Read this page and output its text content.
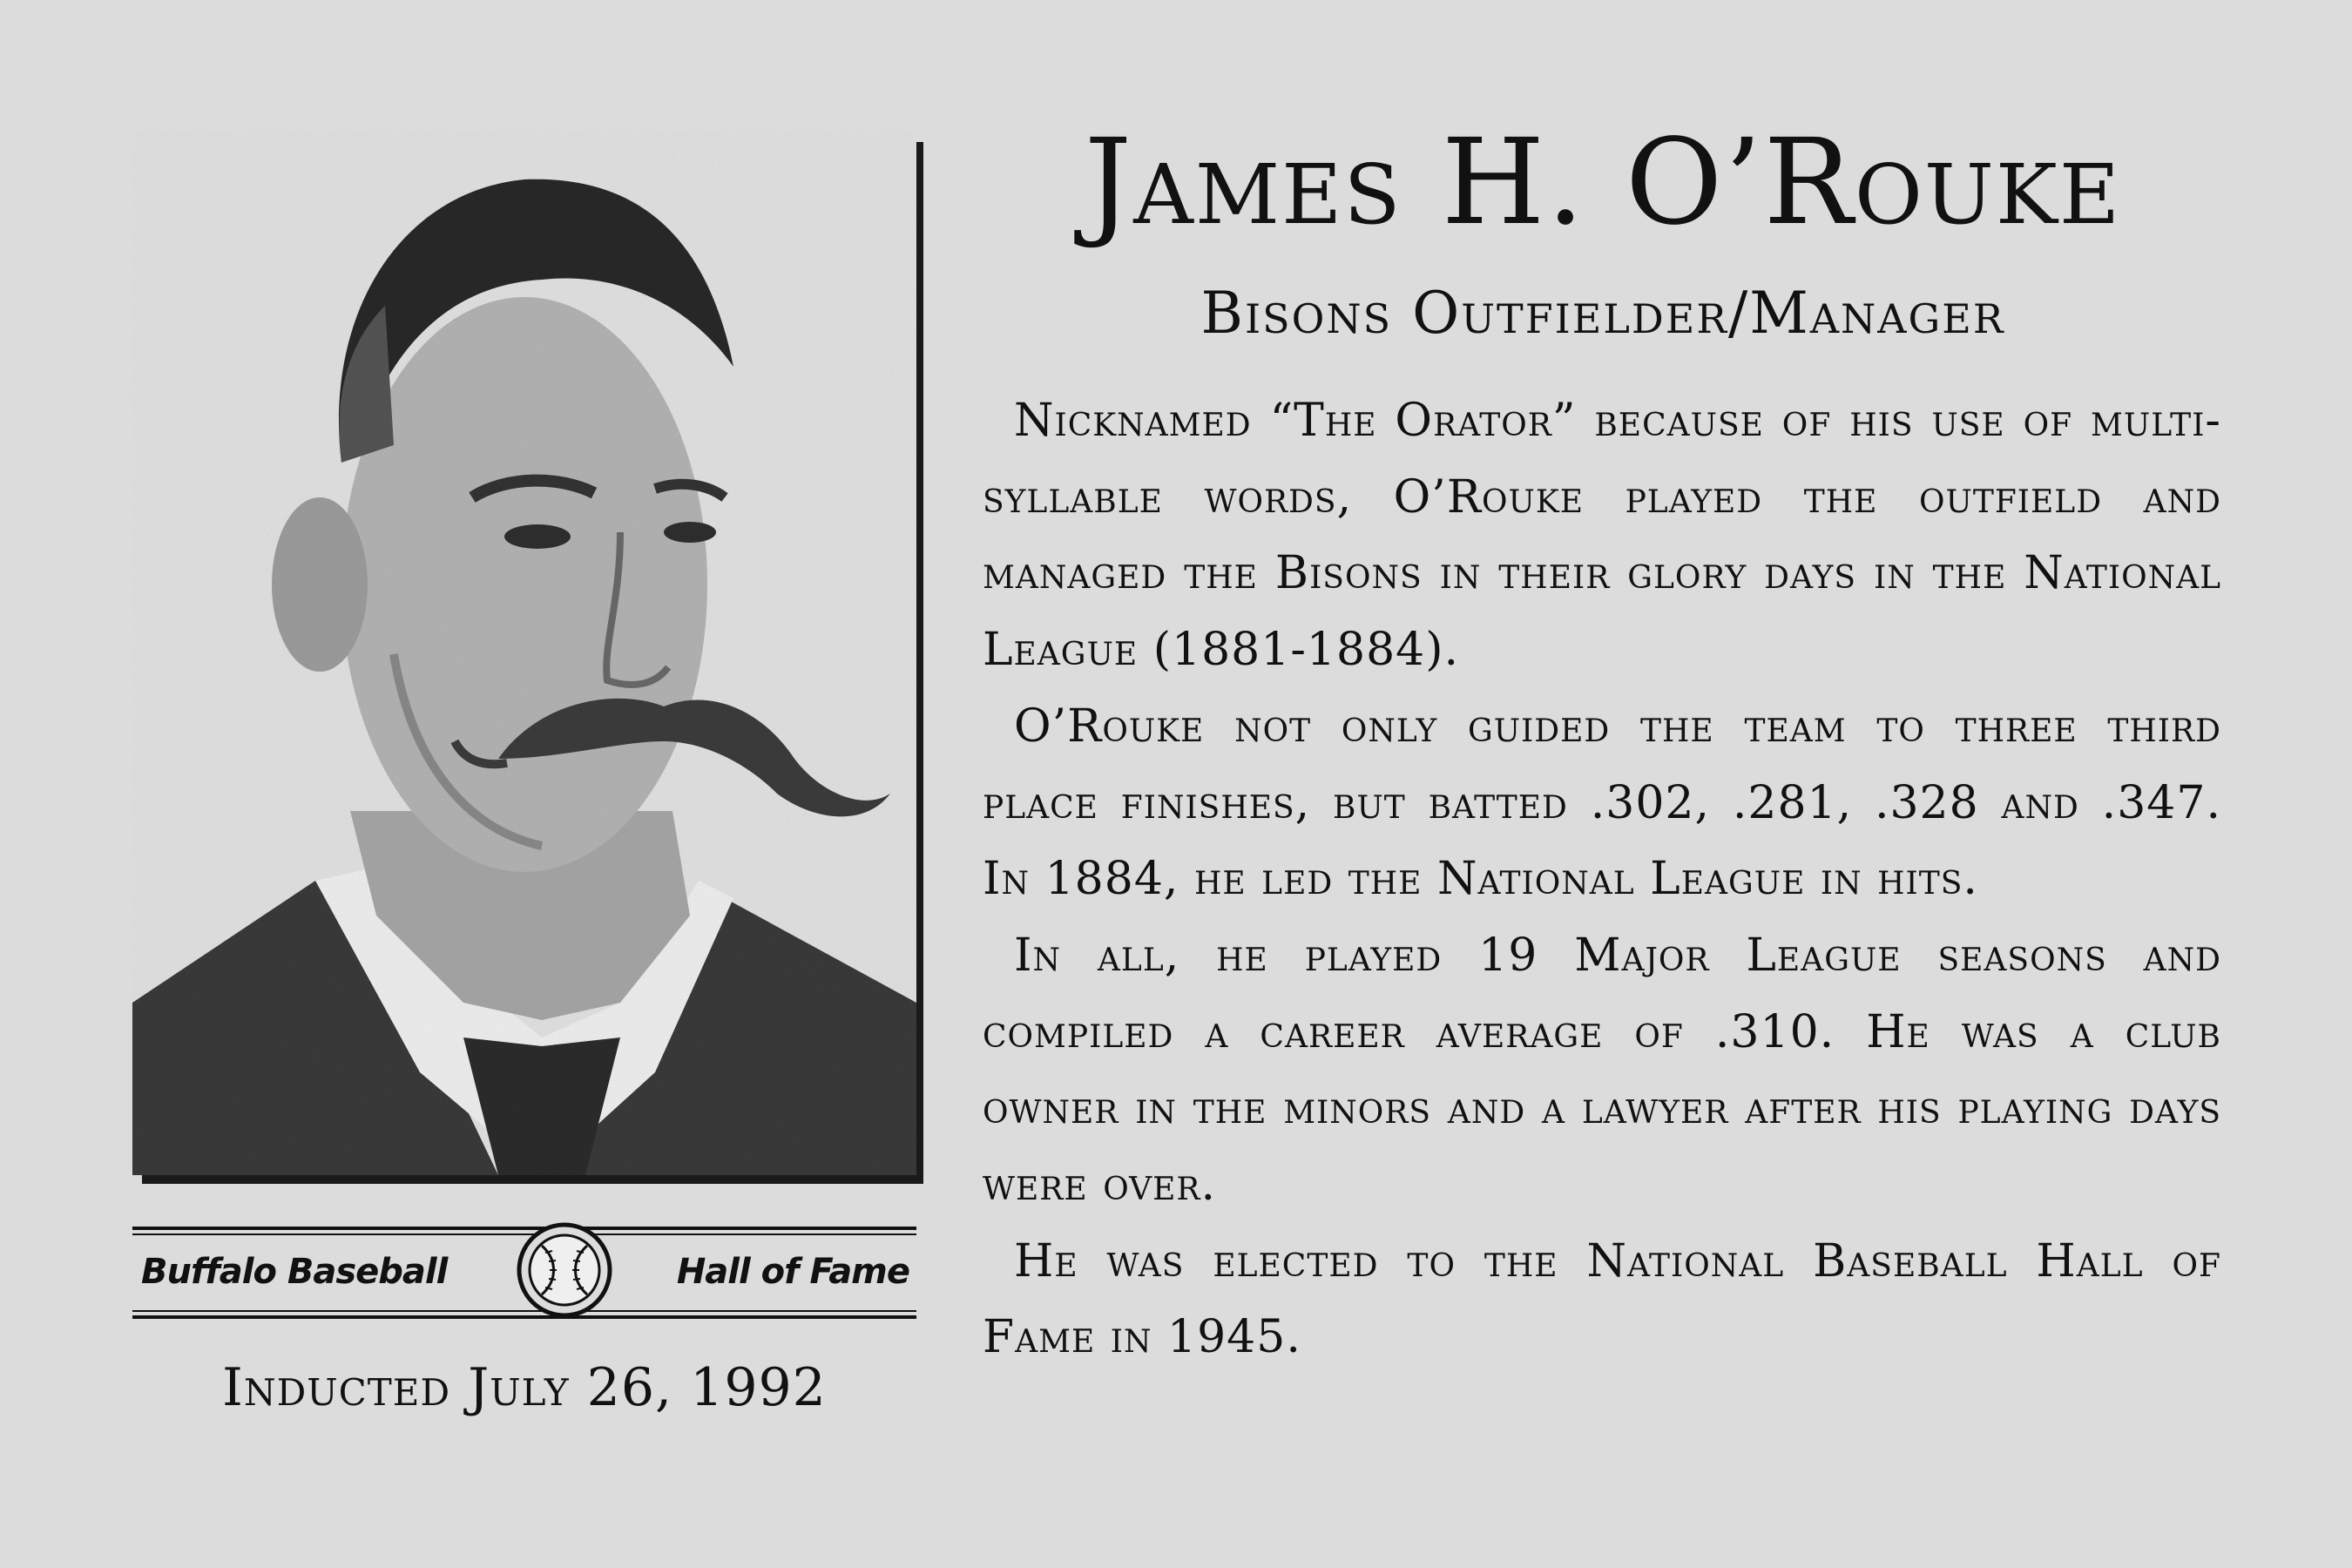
Buffalo Baseball	Hall of Fame
Inducted July 26, 1992
James H. O’Rouke
Bisons Outfielder/Manager

Nicknamed “The Orator” because of his use of multi-syllable words, O’Rouke played the outfield and managed the Bisons in their glory days in the National League (1881-1884).

O’Rouke not only guided the team to three third place finishes, but batted .302, .281, .328 and .347. In 1884, he led the National League in hits.

In all, he played 19 Major League seasons and compiled a career average of .310. He was a club owner in the minors and a lawyer after his playing days were over.

He was elected to the National Baseball Hall of Fame in 1945.
